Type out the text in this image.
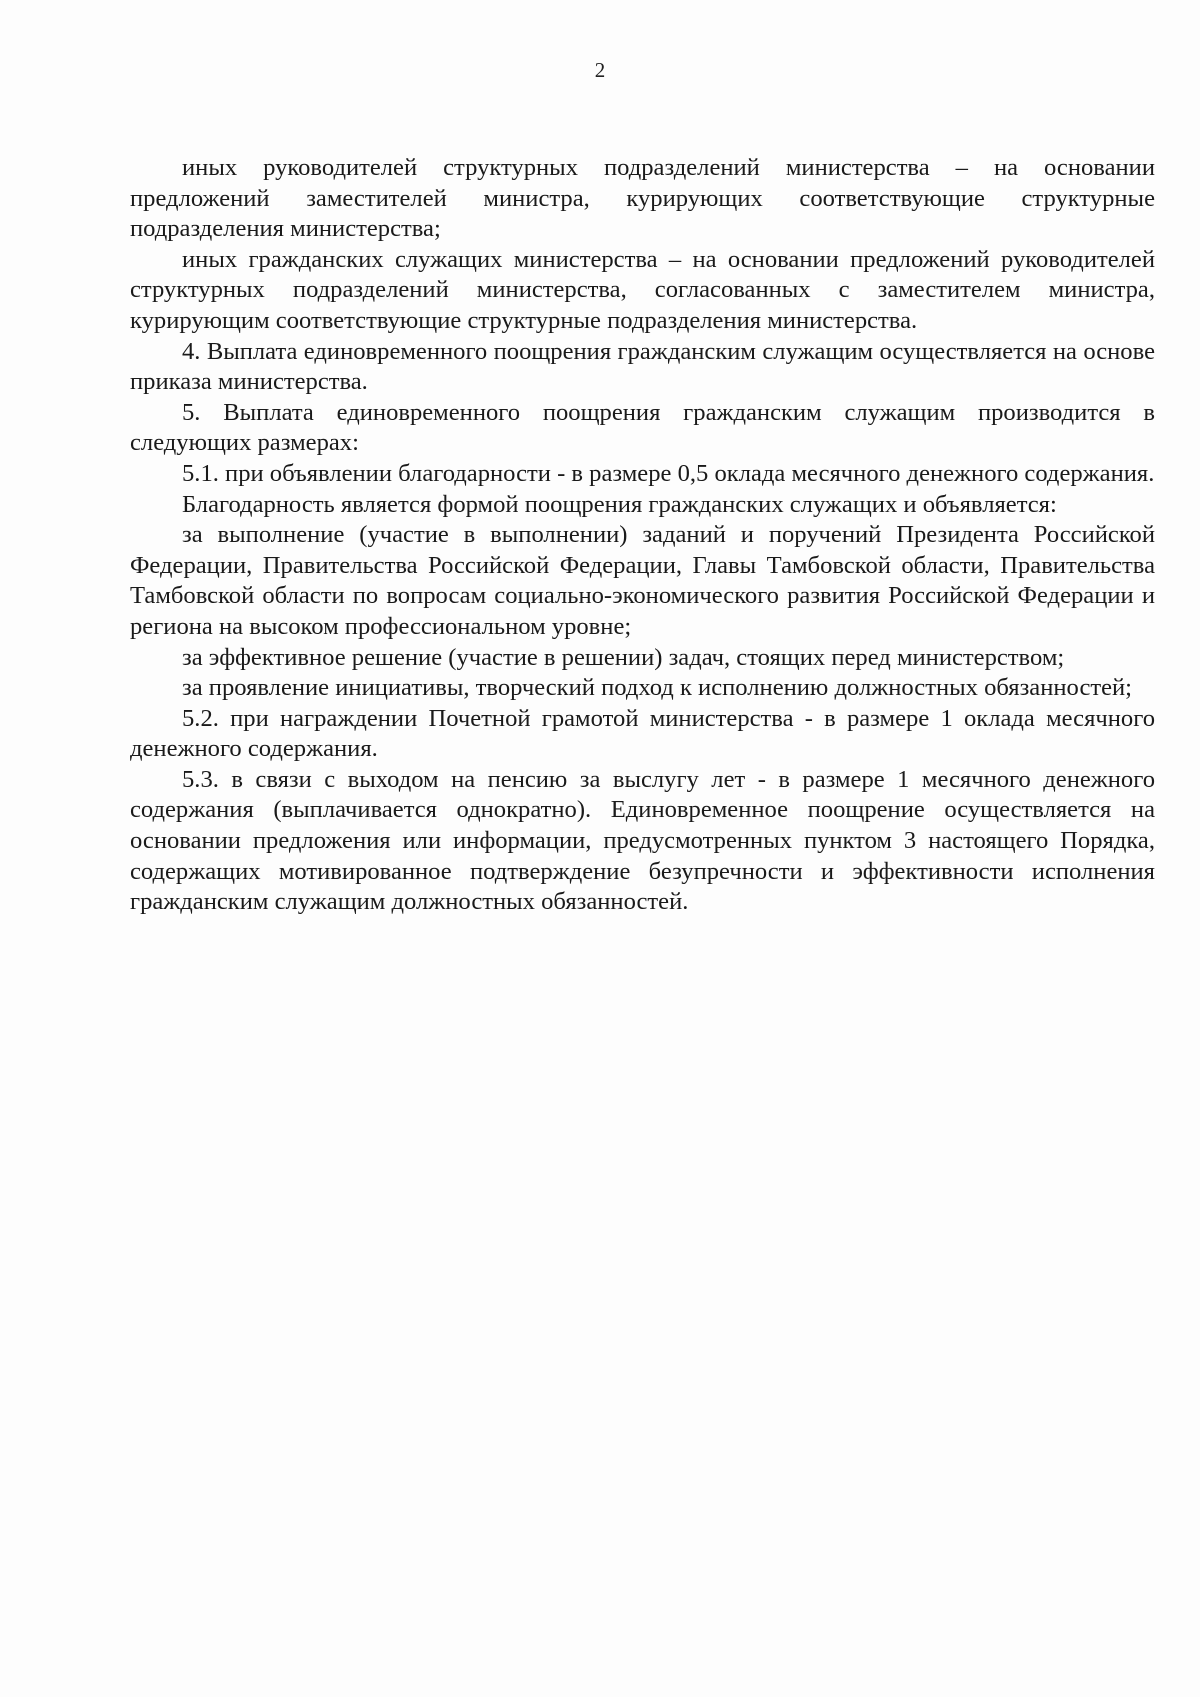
2

иных руководителей структурных подразделений министерства – на основании предложений заместителей министра, курирующих соответствующие структурные подразделения министерства;

иных гражданских служащих министерства – на основании предложений руководителей структурных подразделений министерства, согласованных с заместителем министра, курирующим соответствующие структурные подразделения министерства.

4. Выплата единовременного поощрения гражданским служащим осуществляется на основе приказа министерства.

5. Выплата единовременного поощрения гражданским служащим производится в следующих размерах:

5.1. при объявлении благодарности - в размере 0,5 оклада месячного денежного содержания.

Благодарность является формой поощрения гражданских служащих и объявляется:

за выполнение (участие в выполнении) заданий и поручений Президента Российской Федерации, Правительства Российской Федерации, Главы Тамбовской области, Правительства Тамбовской области по вопросам социально-экономического развития Российской Федерации и региона на высоком профессиональном уровне;

за эффективное решение (участие в решении) задач, стоящих перед министерством;

за проявление инициативы, творческий подход к исполнению должностных обязанностей;

5.2. при награждении Почетной грамотой министерства - в размере 1 оклада месячного денежного содержания.

5.3. в связи с выходом на пенсию за выслугу лет - в размере 1 месячного денежного содержания (выплачивается однократно). Единовременное поощрение осуществляется на основании предложения или информации, предусмотренных пунктом 3 настоящего Порядка, содержащих мотивированное подтверждение безупречности и эффективности исполнения гражданским служащим должностных обязанностей.
